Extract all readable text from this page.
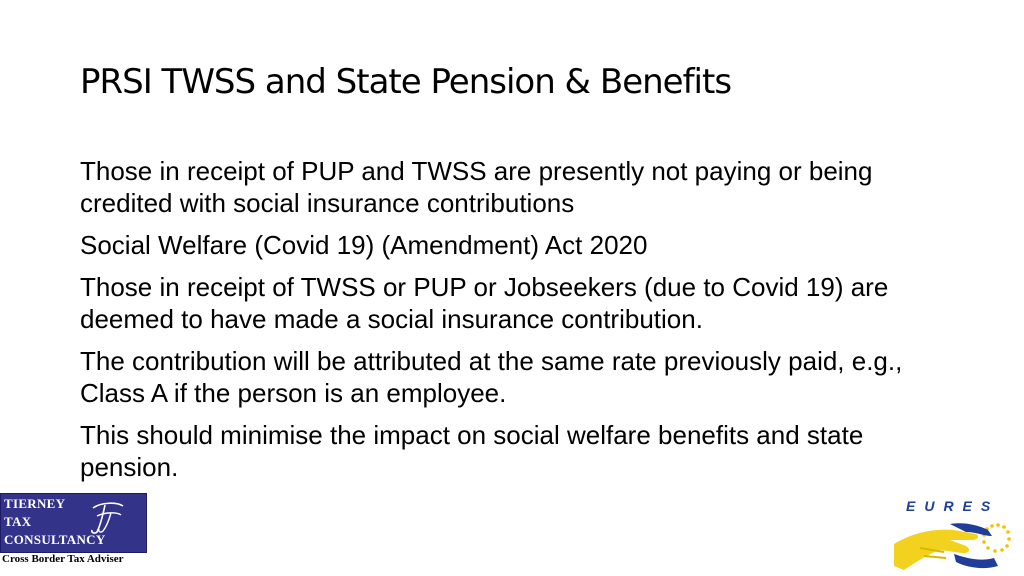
PRSI TWSS and State Pension & Benefits

Those in receipt of PUP and TWSS are presently not paying or being credited with social insurance contributions

Social Welfare (Covid 19) (Amendment) Act 2020

Those in receipt of TWSS or PUP or Jobseekers (due to Covid 19) are deemed to have made a social insurance contribution.

The contribution will be attributed at the same rate previously paid, e.g., Class A if the person is an employee.

This should minimise the impact on social welfare benefits and state pension.

TIERNEY
TAX
CONSULTANCY
Cross Border Tax Adviser
EURES
